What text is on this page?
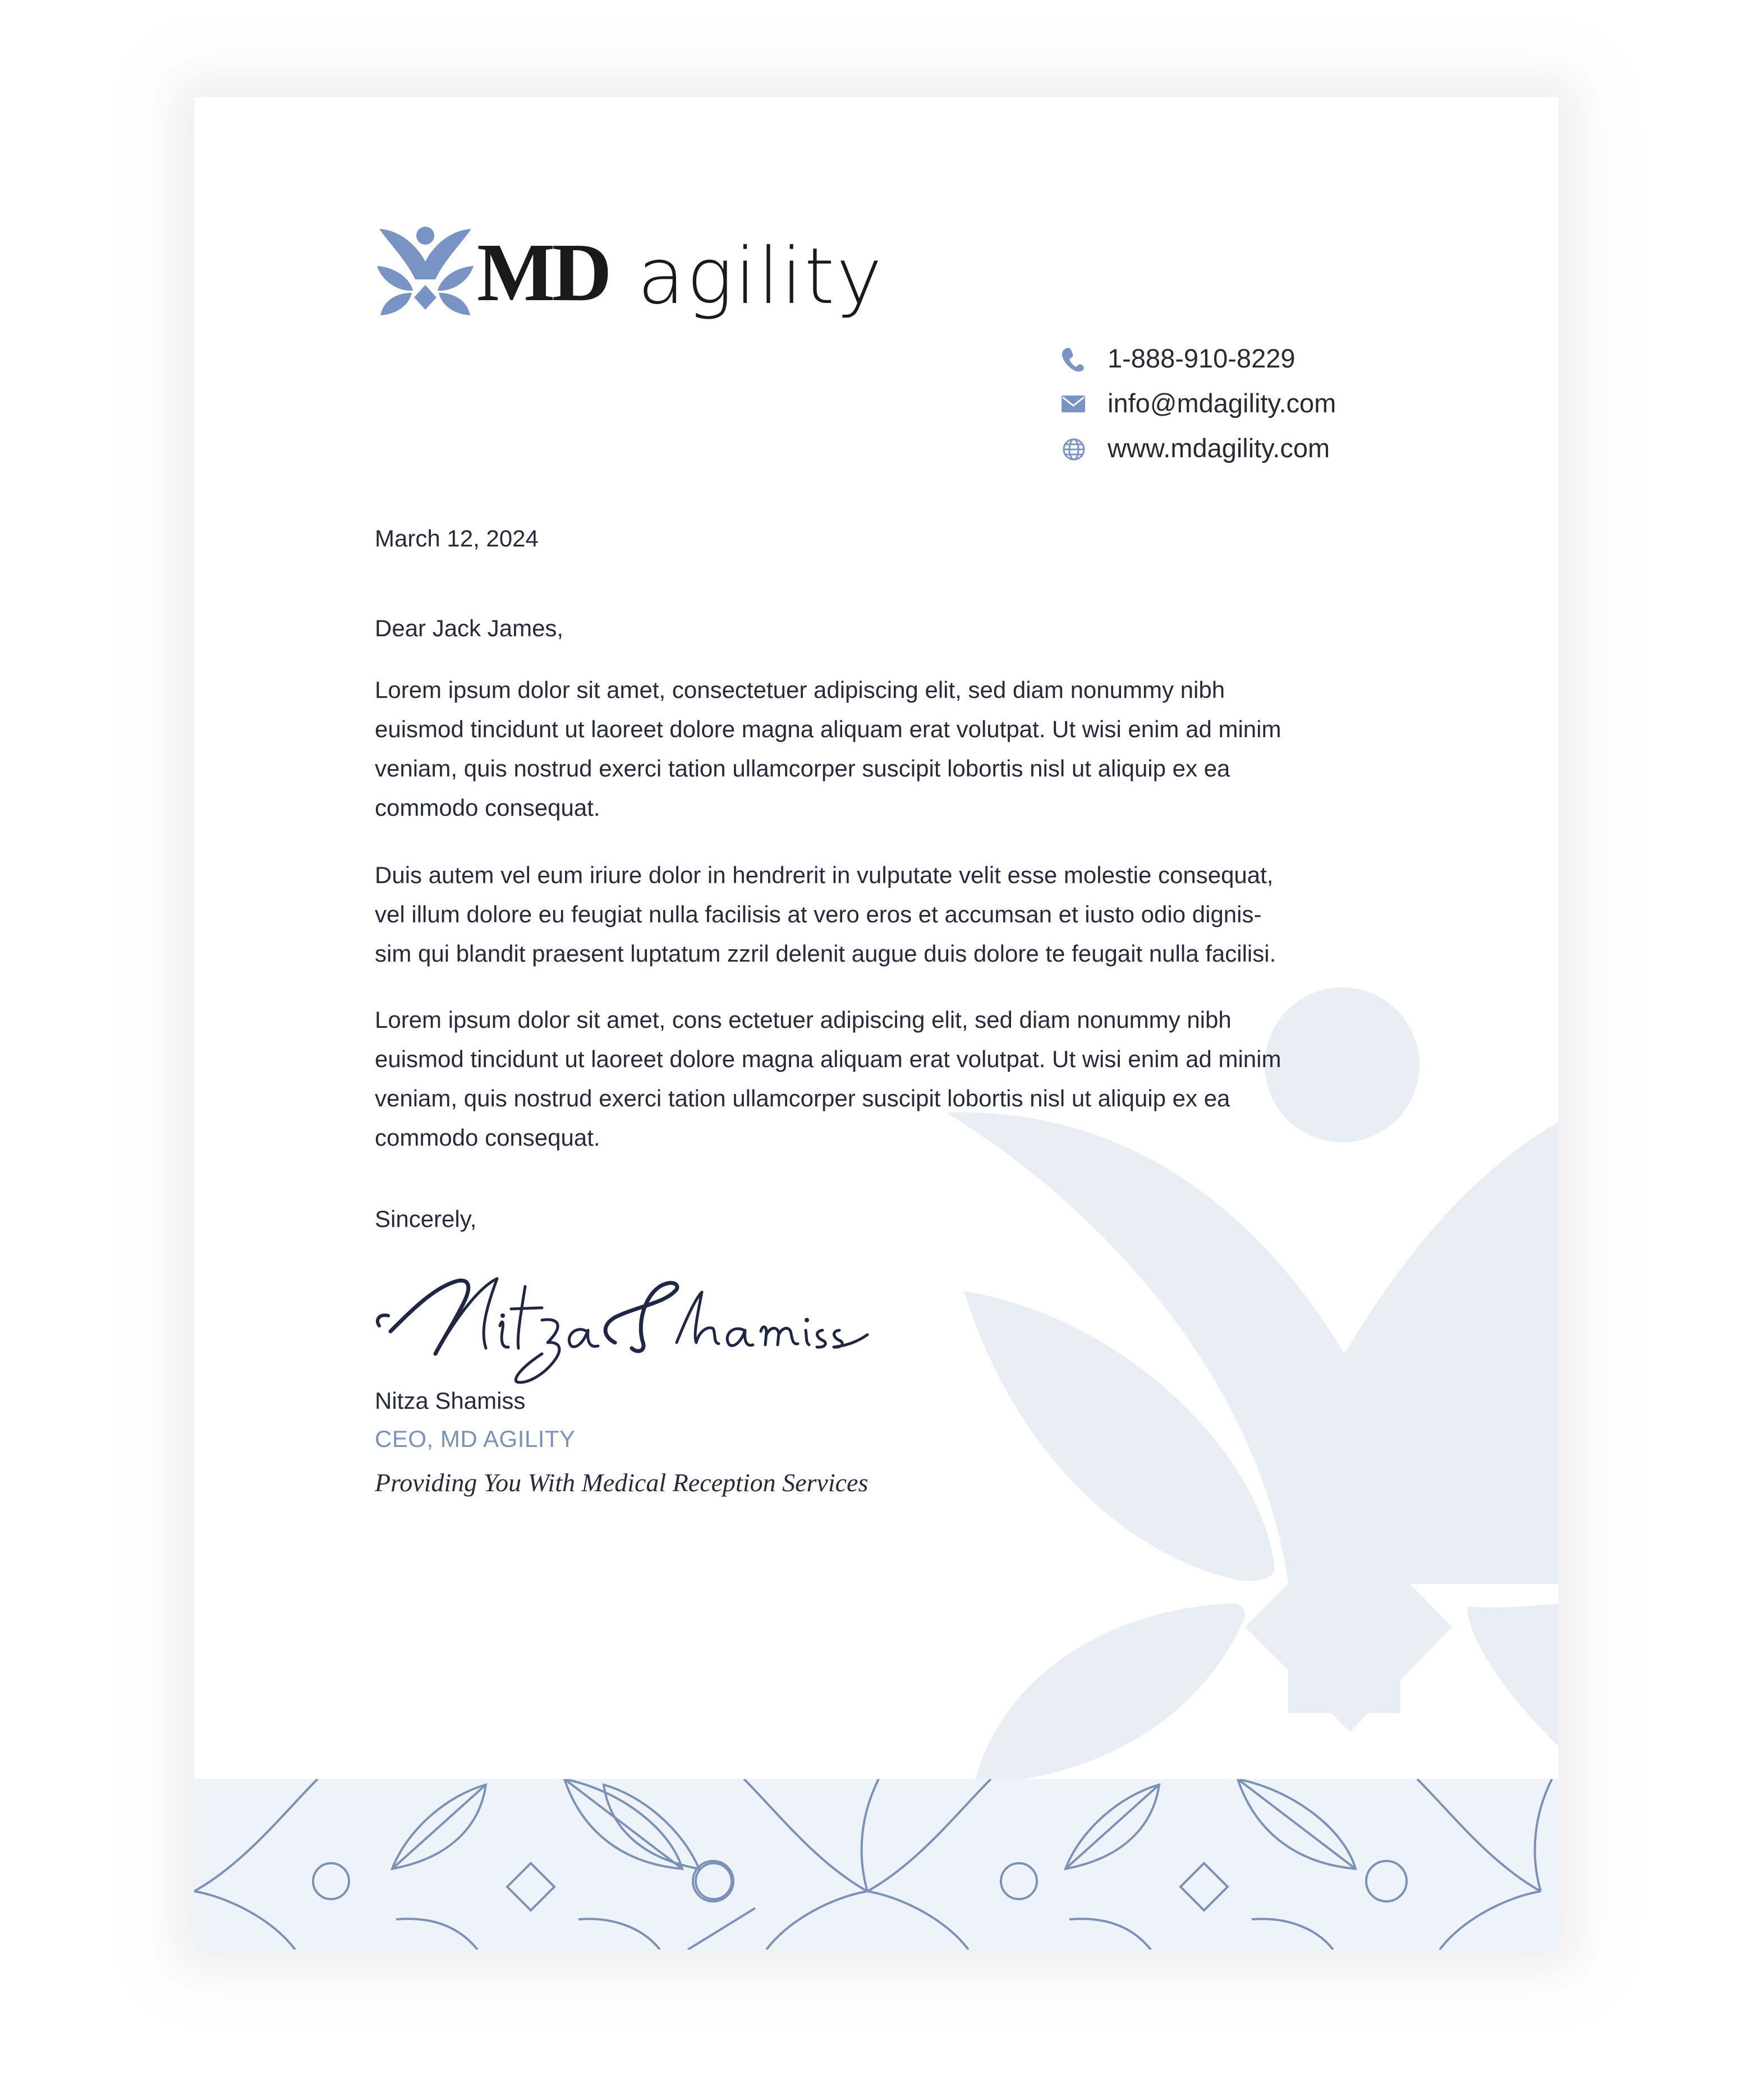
MD agility
1-888-910-8229
info@mdagility.com
www.mdagility.com
March 12, 2024
Dear Jack James,

Lorem ipsum dolor sit amet, consectetuer adipiscing elit, sed diam nonummy nibh

euismod tincidunt ut laoreet dolore magna aliquam erat volutpat. Ut wisi enim ad minim

veniam, quis nostrud exerci tation ullamcorper suscipit lobortis nisl ut aliquip ex ea

commodo consequat.

Duis autem vel eum iriure dolor in hendrerit in vulputate velit esse molestie consequat,

vel illum dolore eu feugiat nulla facilisis at vero eros et accumsan et iusto odio dignis-

sim qui blandit praesent luptatum zzril delenit augue duis dolore te feugait nulla facilisi.

Lorem ipsum dolor sit amet, cons ectetuer adipiscing elit, sed diam nonummy nibh

euismod tincidunt ut laoreet dolore magna aliquam erat volutpat. Ut wisi enim ad minim

veniam, quis nostrud exerci tation ullamcorper suscipit lobortis nisl ut aliquip ex ea

commodo consequat.

Sincerely,
Nitza Shamiss
CEO, MD AGILITY
Providing You With Medical Reception Services
